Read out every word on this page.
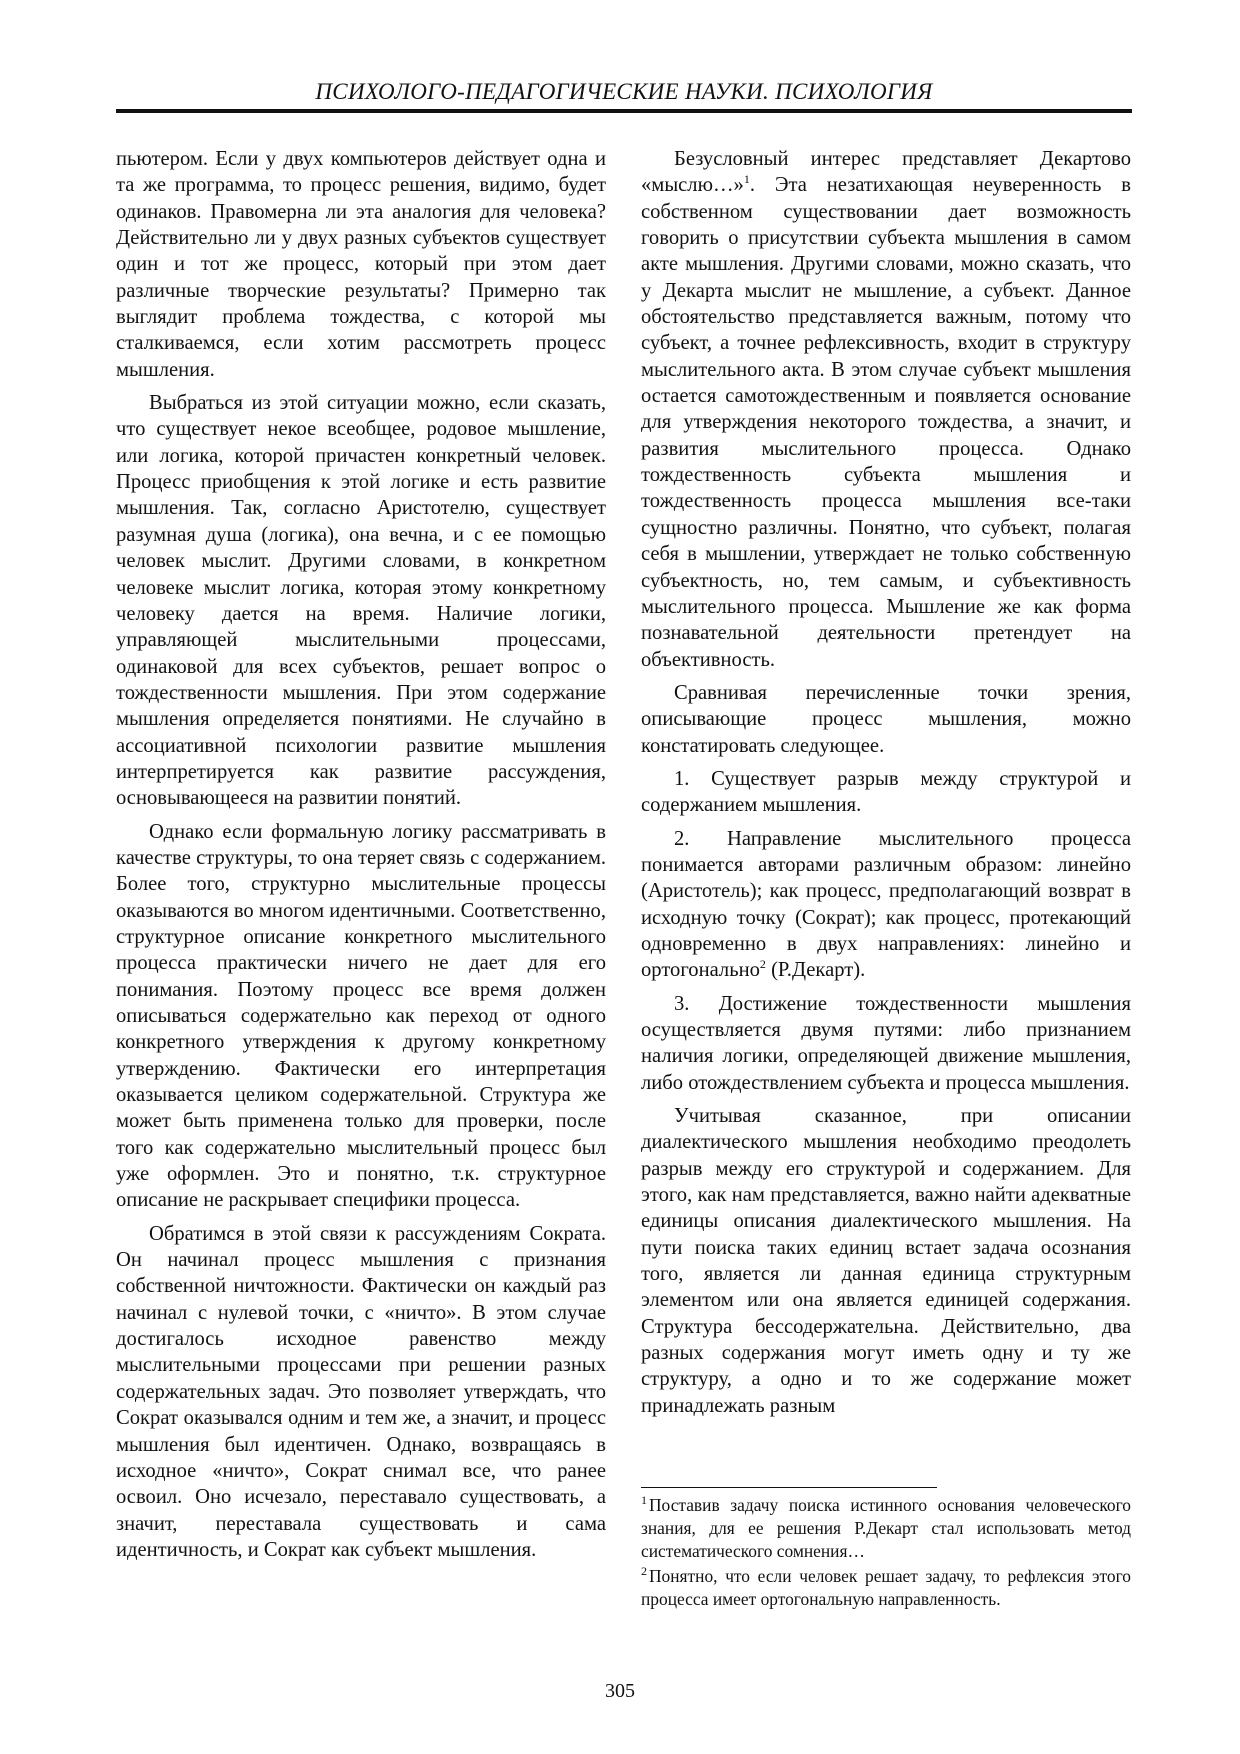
ПСИХОЛОГО-ПЕДАГОГИЧЕСКИЕ НАУКИ. ПСИХОЛОГИЯ

пьютером. Если у двух компьютеров действует одна и та же программа, то процесс решения, видимо, будет одинаков. Правомерна ли эта аналогия для человека? Действительно ли у двух разных субъектов существует один и тот же процесс, который при этом дает различные творческие результаты? Примерно так выглядит проблема тождества, с которой мы сталкиваемся, если хотим рассмотреть процесс мышления.

Выбраться из этой ситуации можно, если сказать, что существует некое всеобщее, родовое мышление, или логика, которой причастен конкретный человек. Процесс приобщения к этой логике и есть развитие мышления. Так, согласно Аристотелю, существует разумная душа (логика), она вечна, и с ее помощью человек мыслит. Другими словами, в конкретном человеке мыслит логика, которая этому конкретному человеку дается на время. Наличие логики, управляющей мыслительными процессами, одинаковой для всех субъектов, решает вопрос о тождественности мышления. При этом содержание мышления определяется понятиями. Не случайно в ассоциативной психологии развитие мышления интерпретируется как развитие рассуждения, основывающееся на развитии понятий.

Однако если формальную логику рассматривать в качестве структуры, то она теряет связь с содержанием. Более того, структурно мыслительные процессы оказываются во многом идентичными. Соответственно, структурное описание конкретного мыслительного процесса практически ничего не дает для его понимания. Поэтому процесс все время должен описываться содержательно как переход от одного конкретного утверждения к другому конкретному утверждению. Фактически его интерпретация оказывается целиком содержательной. Структура же может быть применена только для проверки, после того как содержательно мыслительный процесс был уже оформлен. Это и понятно, т.к. структурное описание не раскрывает специфики процесса.

Обратимся в этой связи к рассуждениям Сократа. Он начинал процесс мышления с признания собственной ничтожности. Фактически он каждый раз начинал с нулевой точки, с «ничто». В этом случае достигалось исходное равенство между мыслительными процессами при решении разных содержательных задач. Это позволяет утверждать, что Сократ оказывался одним и тем же, а значит, и процесс мышления был идентичен. Однако, возвращаясь в исходное «ничто», Сократ снимал все, что ранее освоил. Оно исчезало, переставало существовать, а значит, переставала существовать и сама идентичность, и Сократ как субъект мышления.

Безусловный интерес представляет Декартово «мыслю…»$^1$. Эта незатихающая неуверенность в собственном существовании дает возможность говорить о присутствии субъекта мышления в самом акте мышления. Другими словами, можно сказать, что у Декарта мыслит не мышление, а субъект. Данное обстоятельство представляется важным, потому что субъект, а точнее рефлексивность, входит в структуру мыслительного акта. В этом случае субъект мышления остается самотождественным и появляется основание для утверждения некоторого тождества, а значит, и развития мыслительного процесса. Однако тождественность субъекта мышления и тождественность процесса мышления все-таки сущностно различны. Понятно, что субъект, полагая себя в мышлении, утверждает не только собственную субъектность, но, тем самым, и субъективность мыслительного процесса. Мышление же как форма познавательной деятельности претендует на объективность.

Сравнивая перечисленные точки зрения, описывающие процесс мышления, можно констатировать следующее.

1. Существует разрыв между структурой и содержанием мышления.

2. Направление мыслительного процесса понимается авторами различным образом: линейно (Аристотель); как процесс, предполагающий возврат в исходную точку (Сократ); как процесс, протекающий одновременно в двух направлениях: линейно и ортогонально$^2$ (Р.Декарт).

3. Достижение тождественности мышления осуществляется двумя путями: либо признанием наличия логики, определяющей движение мышления, либо отождествлением субъекта и процесса мышления.

Учитывая сказанное, при описании диалектического мышления необходимо преодолеть разрыв между его структурой и содержанием. Для этого, как нам представляется, важно найти адекватные единицы описания диалектического мышления. На пути поиска таких единиц встает задача осознания того, является ли данная единица структурным элементом или она является единицей содержания. Структура бессодержательна. Действительно, два разных содержания могут иметь одну и ту же структуру, а одно и то же содержание может принадлежать разным

$^1$ Поставив задачу поиска истинного основания человеческого знания, для ее решения Р.Декарт стал использовать метод систематического сомнения…

$^2$ Понятно, что если человек решает задачу, то рефлексия этого процесса имеет ортогональную направленность.

305
